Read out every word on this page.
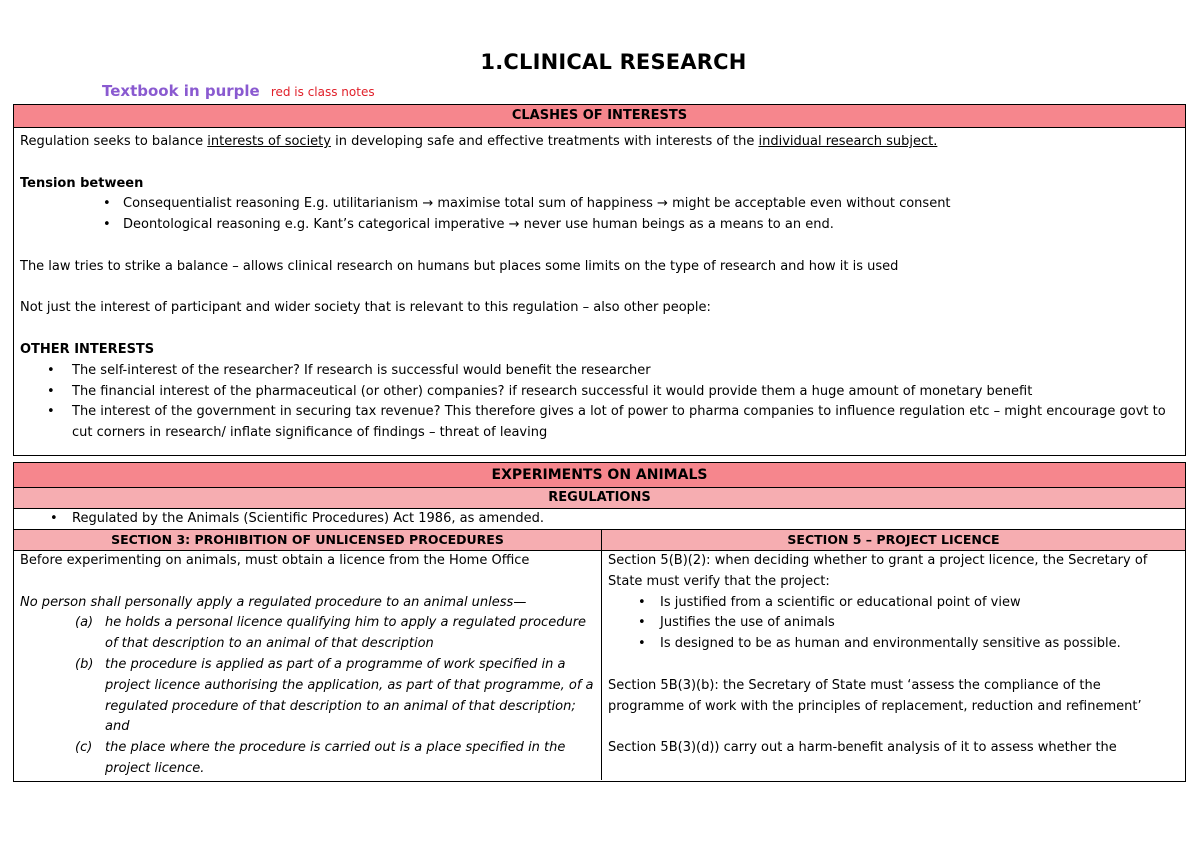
1.CLINICAL RESEARCH
Textbook in purple red is class notes
CLASHES OF INTERESTS
Regulation seeks to balance interests of society in developing safe and effective treatments with interests of the individual research subject.
Tension between
• Consequentialist reasoning E.g. utilitarianism → maximise total sum of happiness → might be acceptable even without consent
• Deontological reasoning e.g. Kant’s categorical imperative → never use human beings as a means to an end.
The law tries to strike a balance – allows clinical research on humans but places some limits on the type of research and how it is used
Not just the interest of participant and wider society that is relevant to this regulation – also other people:
OTHER INTERESTS
• The self-interest of the researcher? If research is successful would benefit the researcher
• The financial interest of the pharmaceutical (or other) companies? if research successful it would provide them a huge amount of monetary benefit
• The interest of the government in securing tax revenue? This therefore gives a lot of power to pharma companies to influence regulation etc – might encourage govt to cut corners in research/ inflate significance of findings – threat of leaving
EXPERIMENTS ON ANIMALS
REGULATIONS
• Regulated by the Animals (Scientific Procedures) Act 1986, as amended.
SECTION 3: PROHIBITION OF UNLICENSED PROCEDURES
Before experimenting on animals, must obtain a licence from the Home Office
No person shall personally apply a regulated procedure to an animal unless—
(a) he holds a personal licence qualifying him to apply a regulated procedure of that description to an animal of that description
(b) the procedure is applied as part of a programme of work specified in a project licence authorising the application, as part of that programme, of a regulated procedure of that description to an animal of that description; and
(c) the place where the procedure is carried out is a place specified in the project licence.
SECTION 5 – PROJECT LICENCE
Section 5(B)(2): when deciding whether to grant a project licence, the Secretary of State must verify that the project:
• Is justified from a scientific or educational point of view
• Justifies the use of animals
• Is designed to be as human and environmentally sensitive as possible.
Section 5B(3)(b): the Secretary of State must ‘assess the compliance of the programme of work with the principles of replacement, reduction and refinement’
Section 5B(3)(d)) carry out a harm-benefit analysis of it to assess whether the
